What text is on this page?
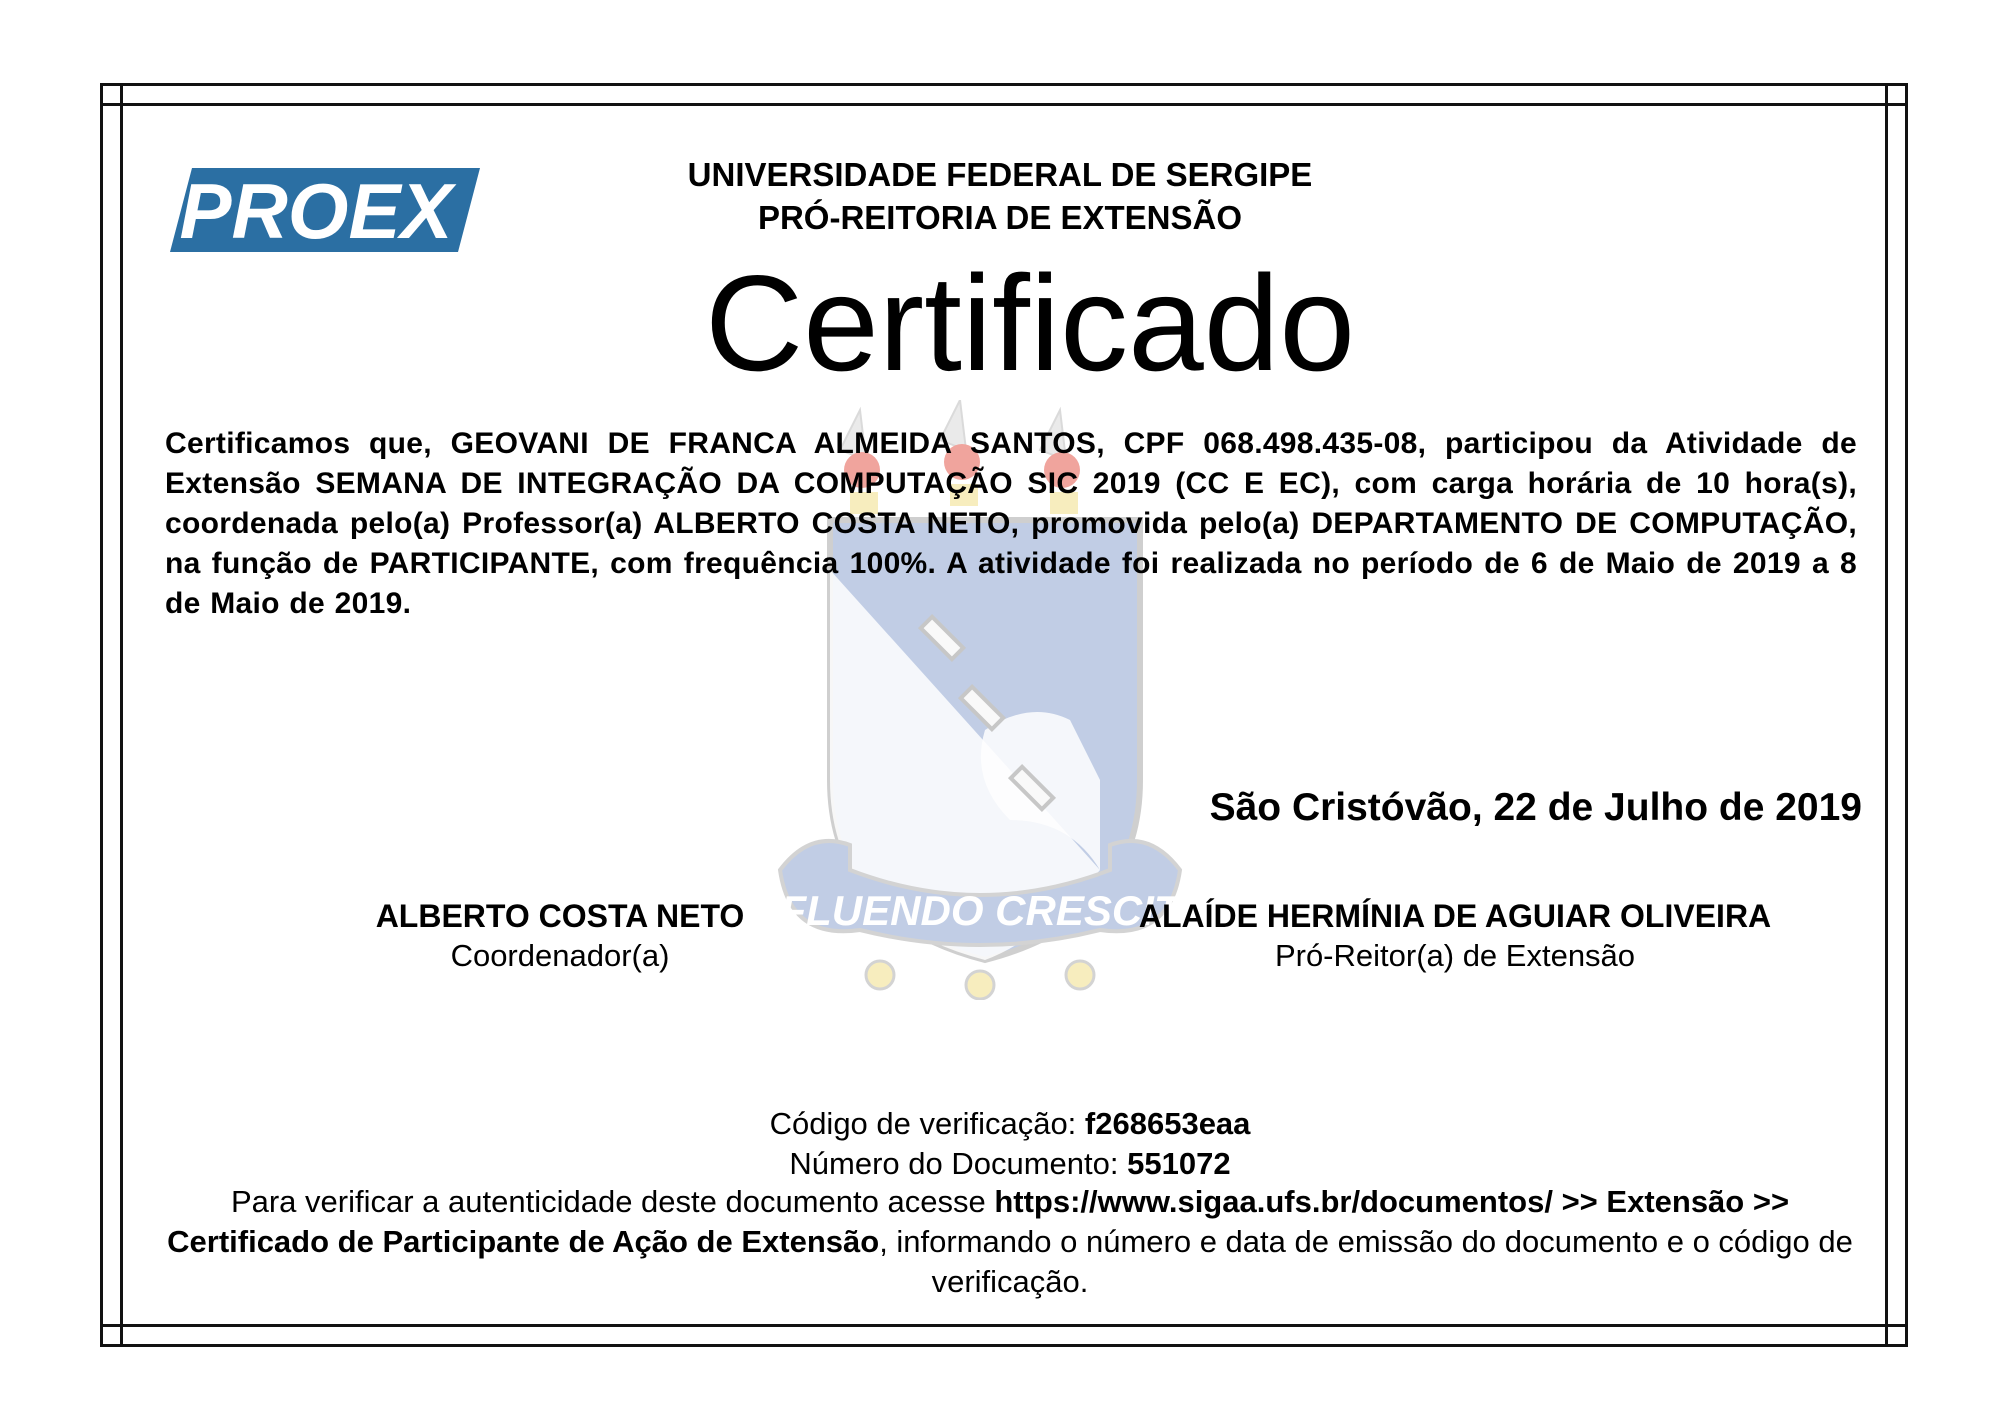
FLUENDO CRESCIT
PROEX	UNIVERSIDADE FEDERAL DE SERGIPE
PRÓ-REITORIA DE EXTENSÃO
Certificado
Certificamos que, GEOVANI DE FRANCA ALMEIDA SANTOS, CPF 068.498.435-08, participou da Atividade de Extensão SEMANA DE INTEGRAÇÃO DA COMPUTAÇÃO SIC 2019 (CC E EC), com carga horária de 10 hora(s), coordenada pelo(a) Professor(a) ALBERTO COSTA NETO, promovida pelo(a) DEPARTAMENTO DE COMPUTAÇÃO, na função de PARTICIPANTE, com frequência 100%. A atividade foi realizada no período de 6 de Maio de 2019 a 8 de Maio de 2019.
São Cristóvão, 22 de Julho de 2019
ALBERTO COSTA NETO
Coordenador(a)
ALAÍDE HERMÍNIA DE AGUIAR OLIVEIRA
Pró-Reitor(a) de Extensão
Código de verificação: f268653eaa
Número do Documento: 551072
Para verificar a autenticidade deste documento acesse https://www.sigaa.ufs.br/documentos/ >> Extensão >> Certificado de Participante de Ação de Extensão, informando o número e data de emissão do documento e o código de verificação.
